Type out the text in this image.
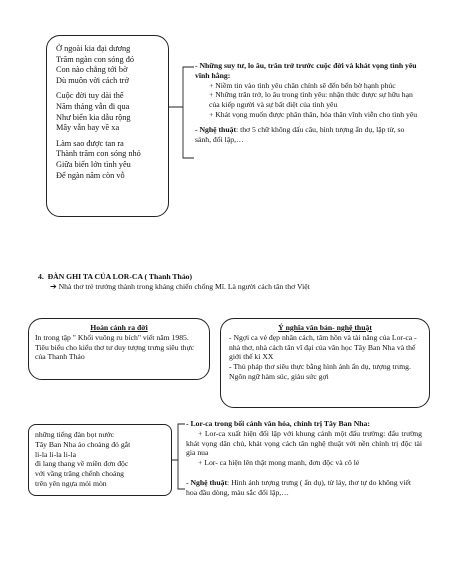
Ở ngoài kia đại dương
Trăm ngàn con sóng đó
Con nào chẳng tới bờ
Dù muôn vời cách trở
Cuộc đời tuy dài thế
Năm tháng vẫn đi qua
Như biển kia dẫu rộng
Mây vẫn bay về xa
Làm sao được tan ra
Thành trăm con sóng nhỏ
Giữa biển lớn tình yêu
Để ngàn năm còn vỗ
- Những suy tư, lo âu, trăn trở trước cuộc đời và khát vọng tình yêu vĩnh hằng:
+ Niềm tin vào tình yêu chân chính sẽ đến bến bờ hạnh phúc
+ Những trăn trở, lo âu trong tình yêu: nhận thức được sự hữu hạn của kiếp người và sự bất diệt của tình yêu
+ Khát vọng muốn được phân thân, hóa thân vĩnh viễn cho tình yêu
- Nghệ thuật: thơ 5 chữ không dấu câu, hình tượng ẩn dụ, lặp từ, so sánh, đối lập,…
4. ĐÀN GHI TA CỦA LOR-CA ( Thanh Thảo)
➔ Nhà thơ trẻ trưởng thành trong kháng chiến chống Mĩ. Là người cách tân thơ Việt
Hoàn cảnh ra đời
In trong tập " Khối vuông ru bích" viết năm 1985. Tiêu biểu cho kiểu thơ tư duy tượng trưng siêu thực của Thanh Thảo
Ý nghĩa văn bản- nghệ thuật
- Ngợi ca vẻ đẹp nhân cách, tâm hồn và tài năng của Lor-ca - nhà thơ, nhà cách tân vĩ đại của văn học Tây Ban Nha và thế giới thế kỉ XX
- Thủ pháp thơ siêu thực bằng hình ảnh ẩn dụ, tượng trưng. Ngôn ngữ hàm súc, giàu sức gợi
những tiếng đàn bọt nước
Tây Ban Nha áo choàng đỏ gắt
li-la li-la li-la
đi lang thang về miền đơn độc
với vầng trăng chếnh choáng
trên yên ngựa mỏi mòn
- Lor-ca trong bối cảnh văn hóa, chính trị Tây Ban Nha:
+ Lor-ca xuất hiện đối lập với khung cảnh một đấu trường: đấu trường khát vọng dân chủ, khát vọng cách tân nghệ thuật với nền chính trị độc tài gia nua
+ Lor- ca hiện lên thật mong manh, đơn độc và cô lẻ
- Nghệ thuật: Hình ảnh tượng trưng ( ẩn dụ), từ láy, thơ tự do không viết hoa đầu dòng, màu sắc đối lập,…
